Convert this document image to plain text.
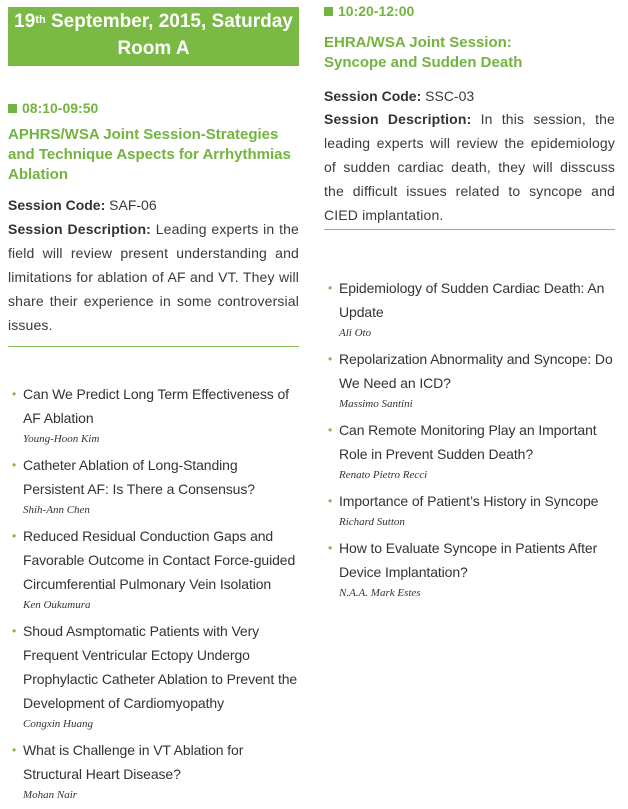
19th September, 2015, Saturday
Room A
08:10-09:50
APHRS/WSA Joint Session-Strategies and Technique Aspects for Arrhythmias Ablation
Session Code: SAF-06
Session Description: Leading experts in the field will review present understanding and limitations for ablation of AF and VT. They will share their experience in some controversial issues.
• Can We Predict Long Term Effectiveness of AF Ablation
Young-Hoon Kim
• Catheter Ablation of Long-Standing Persistent AF: Is There a Consensus?
Shih-Ann Chen
• Reduced Residual Conduction Gaps and Favorable Outcome in Contact Force-guided Circumferential Pulmonary Vein Isolation
Ken Oukumura
• Shoud Asmptomatic Patients with Very Frequent Ventricular Ectopy Undergo Prophylactic Catheter Ablation to Prevent the Development of Cardiomyopathy
Congxin Huang
• What is Challenge in VT Ablation for Structural Heart Disease?
Mohan Nair
10:20-12:00
EHRA/WSA Joint Session:
Syncope and Sudden Death
Session Code: SSC-03
Session Description: In this session, the leading experts will review the epidemiology of sudden cardiac death, they will disscuss the difficult issues related to syncope and CIED implantation.
• Epidemiology of Sudden Cardiac Death: An Update
Ali Oto
• Repolarization Abnormality and Syncope: Do We Need an ICD?
Massimo Santini
• Can Remote Monitoring Play an Important Role in Prevent Sudden Death?
Renato Pietro Recci
• Importance of Patient’s History in Syncope
Richard Sutton
• How to Evaluate Syncope in Patients After Device Implantation?
N.A.A. Mark Estes
